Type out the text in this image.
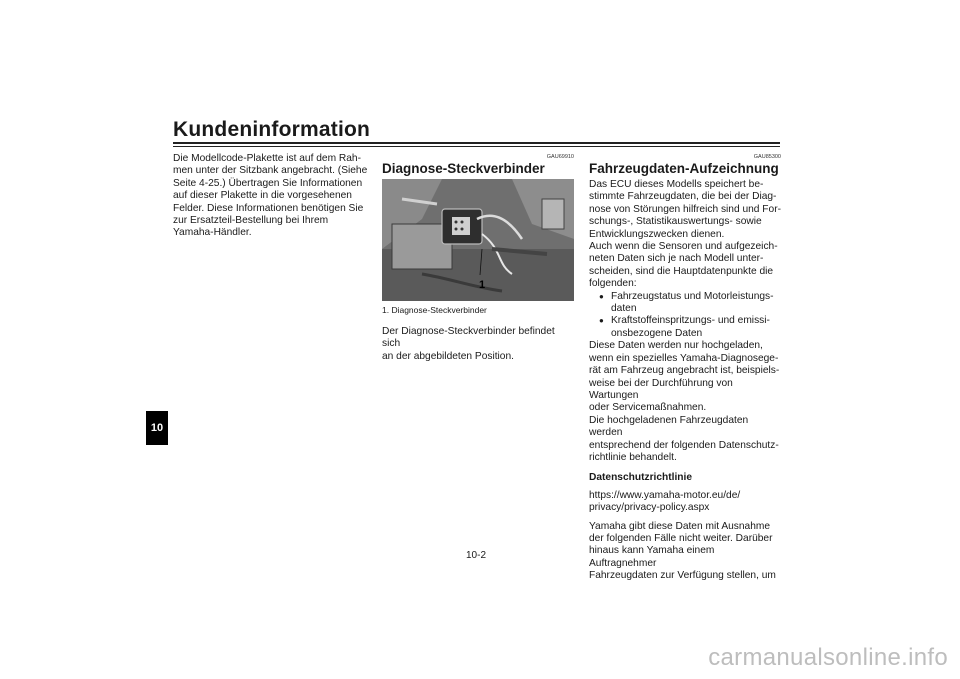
Kundeninformation
10

Die Modellcode-Plakette ist auf dem Rah-

men unter der Sitzbank angebracht. (Siehe

Seite 4-25.) Übertragen Sie Informationen

auf dieser Plakette in die vorgesehenen

Felder. Diese Informationen benötigen Sie

zur Ersatzteil-Bestellung bei Ihrem

Yamaha-Händler.

GAU69910
Diagnose-Steckverbinder
1
1. Diagnose-Steckverbinder

Der Diagnose-Steckverbinder befindet sich

an der abgebildeten Position.

GAU85300
Fahrzeugdaten-Aufzeichnung

Das ECU dieses Modells speichert be-

stimmte Fahrzeugdaten, die bei der Diag-

nose von Störungen hilfreich sind und For-

schungs-, Statistikauswertungs- sowie

Entwicklungszwecken dienen.

Auch wenn die Sensoren und aufgezeich-

neten Daten sich je nach Modell unter-

scheiden, sind die Hauptdatenpunkte die

folgenden:

● Fahrzeugstatus und Motorleistungs-
daten
● Kraftstoffeinspritzungs- und emissi-
onsbezogene Daten

Diese Daten werden nur hochgeladen,

wenn ein spezielles Yamaha-Diagnosege-

rät am Fahrzeug angebracht ist, beispiels-

weise bei der Durchführung von Wartungen

oder Servicemaßnahmen.

Die hochgeladenen Fahrzeugdaten werden

entsprechend der folgenden Datenschutz-

richtlinie behandelt.

Datenschutzrichtlinie

https://www.yamaha-motor.eu/de/

privacy/privacy-policy.aspx

Yamaha gibt diese Daten mit Ausnahme

der folgenden Fälle nicht weiter. Darüber

hinaus kann Yamaha einem Auftragnehmer

Fahrzeugdaten zur Verfügung stellen, um

10-2
carmanualsonline.info
